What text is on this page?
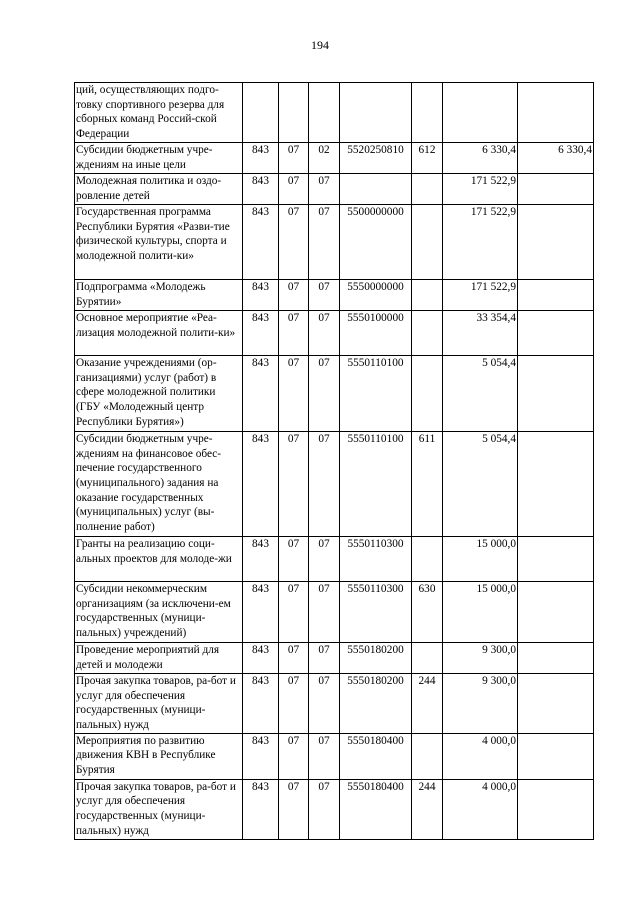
194
ций, осуществляющих подго-товку спортивного резерва для сборных команд Россий-ской Федерации							
Субсидии бюджетным учре-ждениям на иные цели	843	07	02	5520250810	612	6 330,4	6 330,4
Молодежная политика и оздо-ровление детей	843	07	07			171 522,9	
Государственная программа Республики Бурятия «Разви-тие физической культуры, спорта и молодежной полити-ки»	843	07	07	5500000000		171 522,9	
Подпрограмма «Молодежь Бурятии»	843	07	07	5550000000		171 522,9	
Основное мероприятие «Реа-лизация молодежной полити-ки»	843	07	07	5550100000		33 354,4	
Оказание учреждениями (ор-ганизациями) услуг (работ) в сфере молодежной политики (ГБУ «Молодежный центр Республики Бурятия»)	843	07	07	5550110100		5 054,4	
Субсидии бюджетным учре-ждениям на финансовое обес-печение государственного (муниципального) задания на оказание государственных (муниципальных) услуг (вы-полнение работ)	843	07	07	5550110100	611	5 054,4	
Гранты на реализацию соци-альных проектов для молоде-жи	843	07	07	5550110300		15 000,0	
Субсидии некоммерческим организациям (за исключени-ем государственных (муници-пальных) учреждений)	843	07	07	5550110300	630	15 000,0	
Проведение мероприятий для детей и молодежи	843	07	07	5550180200		9 300,0	
Прочая закупка товаров, ра-бот и услуг для обеспечения государственных (муници-пальных) нужд	843	07	07	5550180200	244	9 300,0	
Мероприятия по развитию движения КВН в Республике Бурятия	843	07	07	5550180400		4 000,0	
Прочая закупка товаров, ра-бот и услуг для обеспечения государственных (муници-пальных) нужд	843	07	07	5550180400	244	4 000,0	
